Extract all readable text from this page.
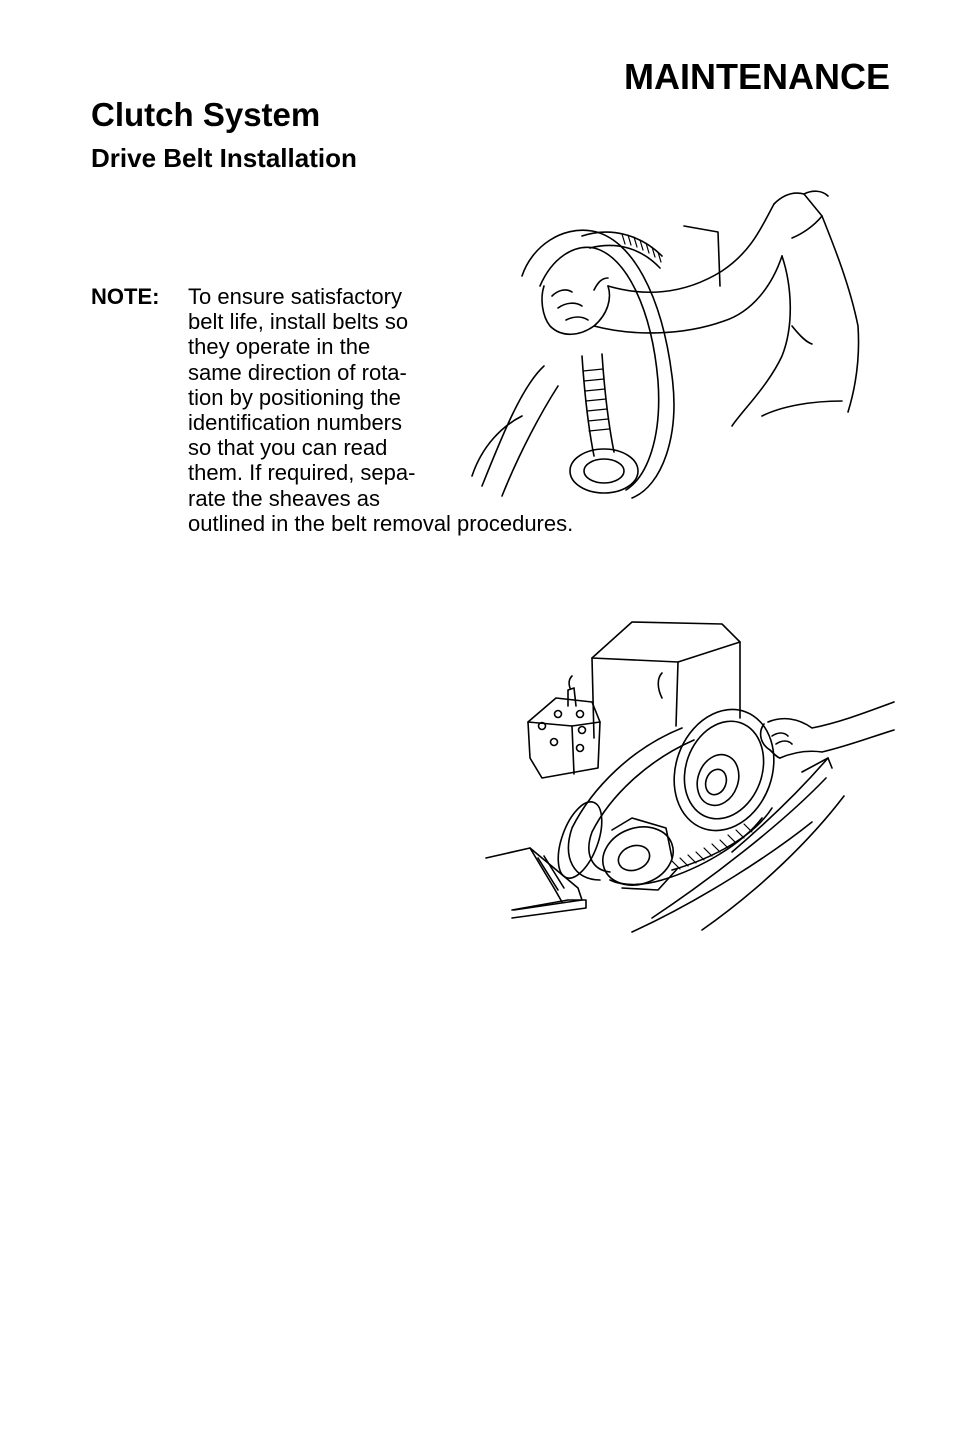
MAINTENANCE
Clutch System
Drive Belt Installation
NOTE: To ensure satisfactory
belt life, install belts so
they operate in the
same direction of rota-
tion by positioning the
identification numbers
so that you can read
them. If required, sepa-
rate the sheaves as
outlined in the belt removal procedures.
